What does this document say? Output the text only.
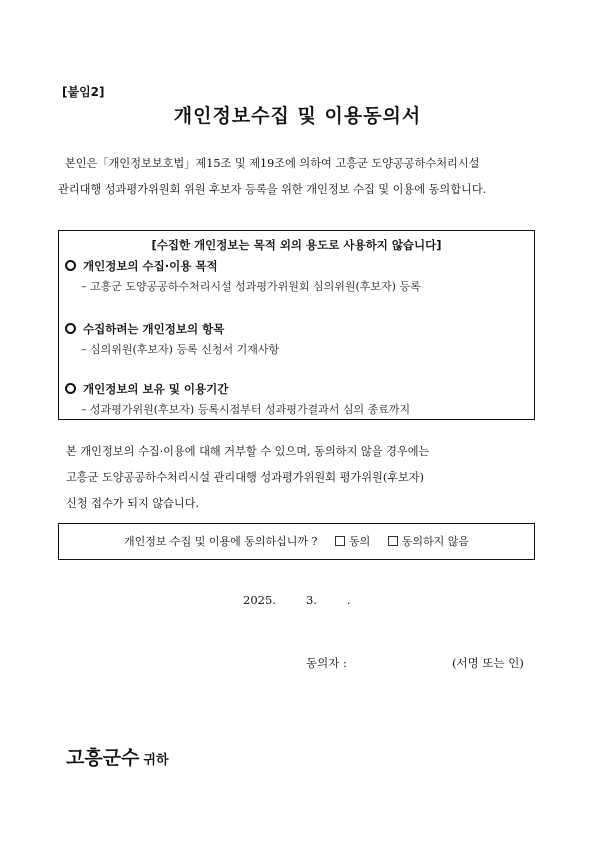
[붙임2]
개인정보수집 및 이용동의서
본인은「개인정보보호법」제15조 및 제19조에 의하여 고흥군 도양공공하수처리시설
관리대행 성과평가위원회 위원 후보자 등록을 위한 개인정보 수집 및 이용에 동의합니다.
[수집한 개인정보는 목적 외의 용도로 사용하지 않습니다]
개인정보의 수집·이용 목적
– 고흥군 도양공공하수처리시설 성과평가위원회 심의위원(후보자) 등록
수집하려는 개인정보의 항목
– 심의위원(후보자) 등록 신청서 기재사항
개인정보의 보유 및 이용기간
– 성과평가위원(후보자) 등록시점부터 성과평가결과서 심의 종료까지
본 개인정보의 수집·이용에 대해 거부할 수 있으며, 동의하지 않을 경우에는
고흥군 도양공공하수처리시설 관리대행 성과평가위원회 평가위원(후보자)
신청 접수가 되지 않습니다.
개인정보 수집 및 이용에 동의하십니까 ?	동의	동의하지 않음
2025.	3.	.
동의자 :	(서명 또는 인)
고흥군수 귀하
